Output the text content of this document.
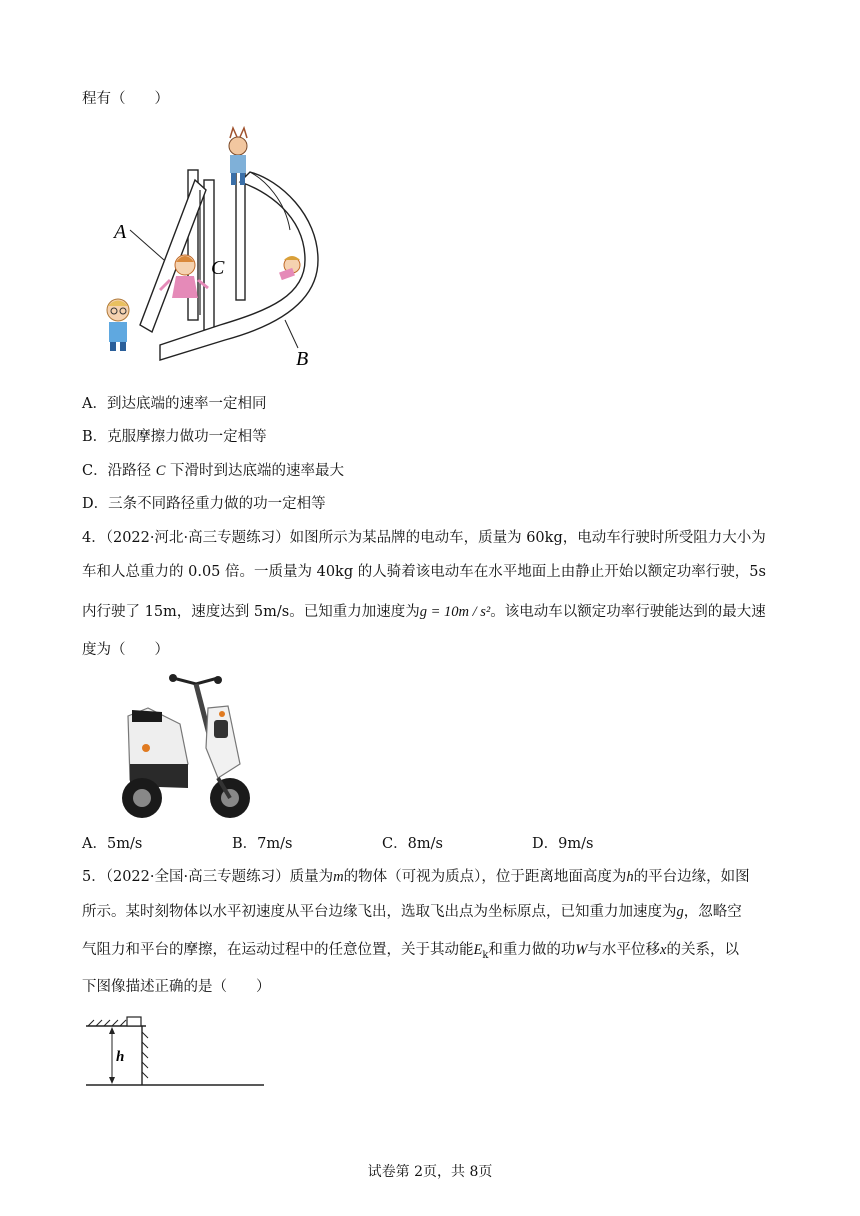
程有（　　）
A
C
B
A．到达底端的速率一定相同
B．克服摩擦力做功一定相等
C．沿路径 C 下滑时到达底端的速率最大
D．三条不同路径重力做的功一定相等
4．（2022·河北·高三专题练习）如图所示为某品牌的电动车，质量为 60kg，电动车行驶时所受阻力大小为
车和人总重力的 0.05 倍。一质量为 40kg 的人骑着该电动车在水平地面上由静止开始以额定功率行驶，5s
内行驶了 15m，速度达到 5m/s。已知重力加速度为g = 10m / s²。该电动车以额定功率行驶能达到的最大速
度为（　　）
A．5m/s	B．7m/s	C．8m/s	D．9m/s
5．（2022·全国·高三专题练习）质量为m的物体（可视为质点），位于距离地面高度为h的平台边缘，如图
所示。某时刻物体以水平初速度从平台边缘飞出，选取飞出点为坐标原点，已知重力加速度为g，忽略空
气阻力和平台的摩擦，在运动过程中的任意位置，关于其动能$E_k$和重力做的功W与水平位移x的关系，以
下图像描述正确的是（　　）
h
试卷第 2页，共 8页
